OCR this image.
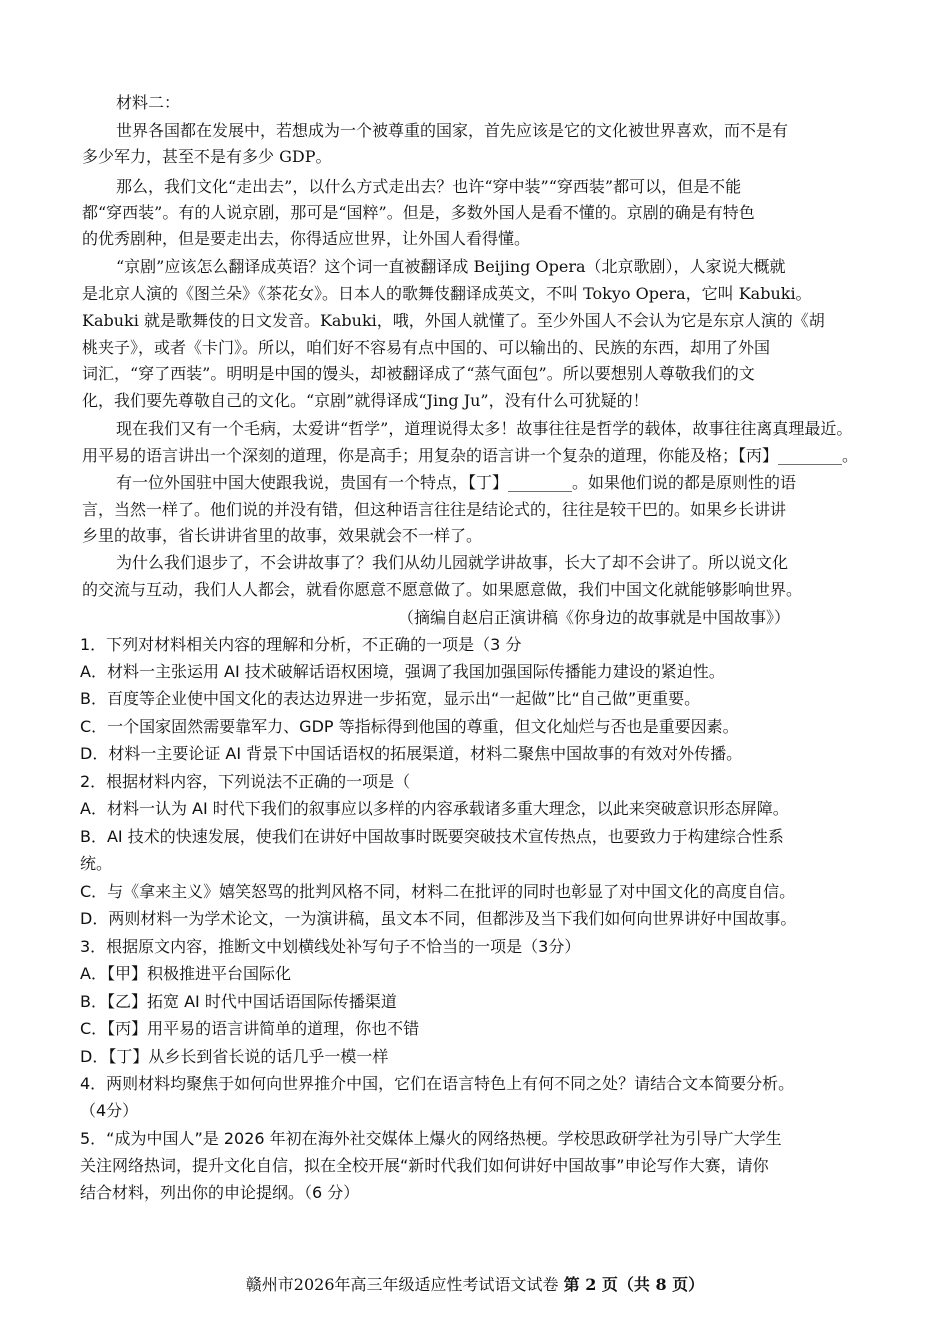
材料二：
世界各国都在发展中，若想成为一个被尊重的国家，首先应该是它的文化被世界喜欢，而不是有
多少军力，甚至不是有多少 GDP。
那么，我们文化“走出去”，以什么方式走出去？也许“穿中装”“穿西装”都可以，但是不能
都“穿西装”。有的人说京剧，那可是“国粹”。但是，多数外国人是看不懂的。京剧的确是有特色
的优秀剧种，但是要走出去，你得适应世界，让外国人看得懂。
“京剧”应该怎么翻译成英语？这个词一直被翻译成 Beijing Opera（北京歌剧），人家说大概就
是北京人演的《图兰朵》《茶花女》。日本人的歌舞伎翻译成英文，不叫 Tokyo Opera，它叫 Kabuki。
Kabuki 就是歌舞伎的日文发音。Kabuki，哦，外国人就懂了。至少外国人不会认为它是东京人演的《胡
桃夹子》，或者《卡门》。所以，咱们好不容易有点中国的、可以输出的、民族的东西，却用了外国
词汇，“穿了西装”。明明是中国的馒头，却被翻译成了“蒸气面包”。所以要想别人尊敬我们的文
化，我们要先尊敬自己的文化。“京剧”就得译成“Jing Ju”，没有什么可犹疑的！
现在我们又有一个毛病，太爱讲“哲学”，道理说得太多！故事往往是哲学的载体，故事往往离真理最近。
用平易的语言讲出一个深刻的道理，你是高手；用复杂的语言讲一个复杂的道理，你能及格；【丙】________。
有一位外国驻中国大使跟我说，贵国有一个特点，【丁】________。如果他们说的都是原则性的语
言，当然一样了。他们说的并没有错，但这种语言往往是结论式的，往往是较干巴的。如果乡长讲讲
乡里的故事，省长讲讲省里的故事，效果就会不一样了。
为什么我们退步了，不会讲故事了？我们从幼儿园就学讲故事，长大了却不会讲了。所以说文化
的交流与互动，我们人人都会，就看你愿意不愿意做了。如果愿意做，我们中国文化就能够影响世界。
（摘编自赵启正演讲稿《你身边的故事就是中国故事》）
1．下列对材料相关内容的理解和分析，不正确的一项是（3 分
A．材料一主张运用 AI 技术破解话语权困境，强调了我国加强国际传播能力建设的紧迫性。
B．百度等企业使中国文化的表达边界进一步拓宽，显示出“一起做”比“自己做”更重要。
C．一个国家固然需要靠军力、GDP 等指标得到他国的尊重，但文化灿烂与否也是重要因素。
D．材料一主要论证 AI 背景下中国话语权的拓展渠道，材料二聚焦中国故事的有效对外传播。
2．根据材料内容，下列说法不正确的一项是（
A．材料一认为 AI 时代下我们的叙事应以多样的内容承载诸多重大理念，以此来突破意识形态屏障。
B．AI 技术的快速发展，使我们在讲好中国故事时既要突破技术宣传热点，也要致力于构建综合性系
统。
C．与《拿来主义》嬉笑怒骂的批判风格不同，材料二在批评的同时也彰显了对中国文化的高度自信。
D．两则材料一为学术论文，一为演讲稿，虽文本不同，但都涉及当下我们如何向世界讲好中国故事。
3．根据原文内容，推断文中划横线处补写句子不恰当的一项是（3分）
A．【甲】积极推进平台国际化
B．【乙】拓宽 AI 时代中国话语国际传播渠道
C．【丙】用平易的语言讲简单的道理，你也不错
D．【丁】从乡长到省长说的话几乎一模一样
4．两则材料均聚焦于如何向世界推介中国，它们在语言特色上有何不同之处？请结合文本简要分析。
（4分）
5．“成为中国人”是 2026 年初在海外社交媒体上爆火的网络热梗。学校思政研学社为引导广大学生
关注网络热词，提升文化自信，拟在全校开展“新时代我们如何讲好中国故事”申论写作大赛，请你
结合材料，列出你的申论提纲。（6 分）
赣州市2026年高三年级适应性考试语文试卷 第 2 页（共 8 页）
